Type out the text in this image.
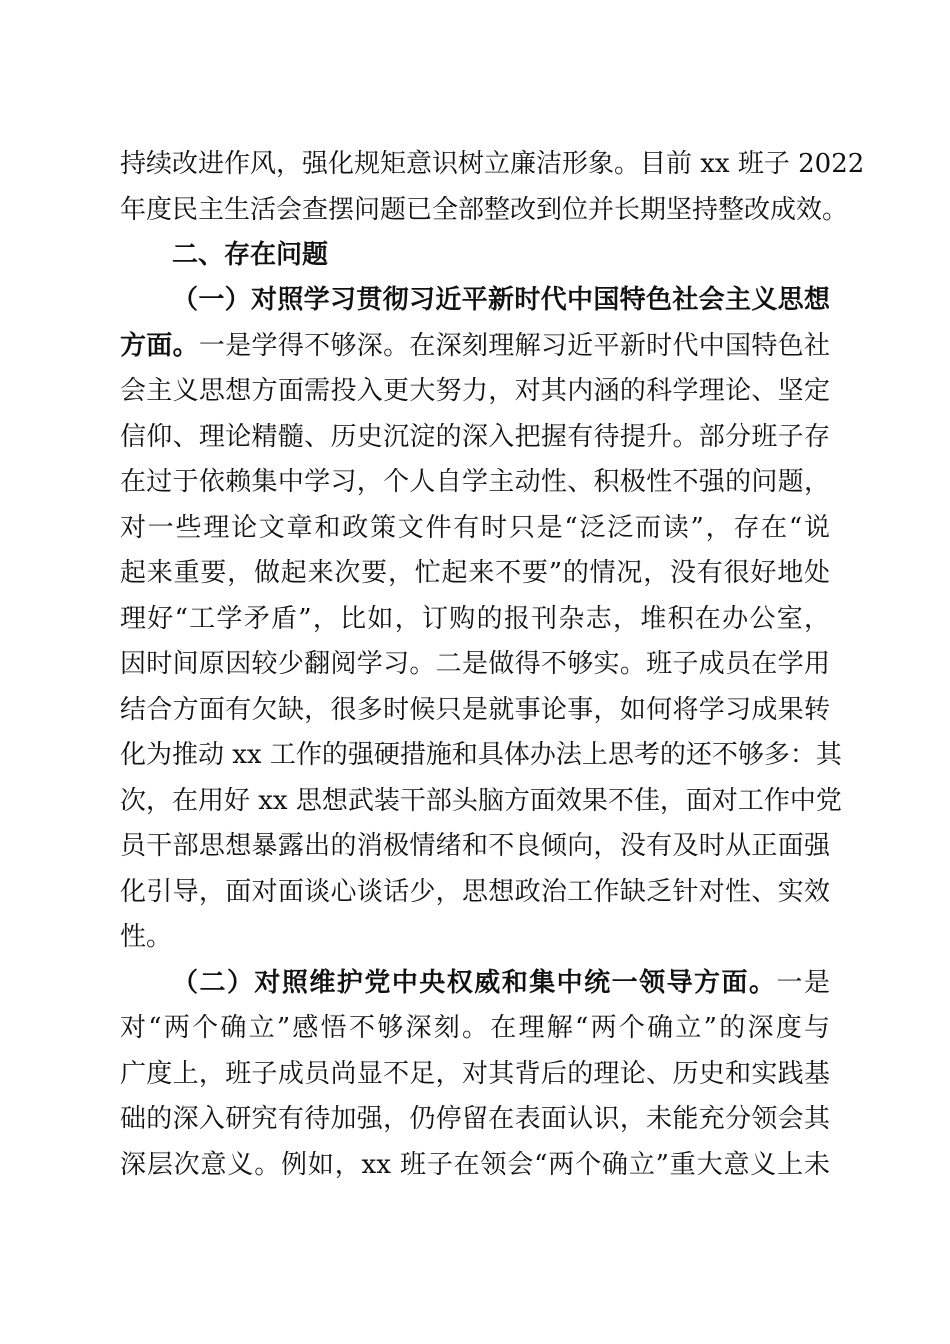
持续改进作风，强化规矩意识树立廉洁形象。目前 xx 班子 2022
年度民主生活会查摆问题已全部整改到位并长期坚持整改成效。
二、存在问题
（一）对照学习贯彻习近平新时代中国特色社会主义思想
方面。一是学得不够深。在深刻理解习近平新时代中国特色社
会主义思想方面需投入更大努力，对其内涵的科学理论、坚定
信仰、理论精髓、历史沉淀的深入把握有待提升。部分班子存
在过于依赖集中学习，个人自学主动性、积极性不强的问题，
对一些理论文章和政策文件有时只是“泛泛而读”，存在“说
起来重要，做起来次要，忙起来不要”的情况，没有很好地处
理好“工学矛盾”，比如，订购的报刊杂志，堆积在办公室，
因时间原因较少翻阅学习。二是做得不够实。班子成员在学用
结合方面有欠缺，很多时候只是就事论事，如何将学习成果转
化为推动 xx 工作的强硬措施和具体办法上思考的还不够多：其
次，在用好 xx 思想武装干部头脑方面效果不佳，面对工作中党
员干部思想暴露出的消极情绪和不良倾向，没有及时从正面强
化引导，面对面谈心谈话少，思想政治工作缺乏针对性、实效
性。
（二）对照维护党中央权威和集中统一领导方面。一是
对“两个确立”感悟不够深刻。在理解“两个确立”的深度与
广度上，班子成员尚显不足，对其背后的理论、历史和实践基
础的深入研究有待加强，仍停留在表面认识，未能充分领会其
深层次意义。例如，xx 班子在领会“两个确立”重大意义上未
